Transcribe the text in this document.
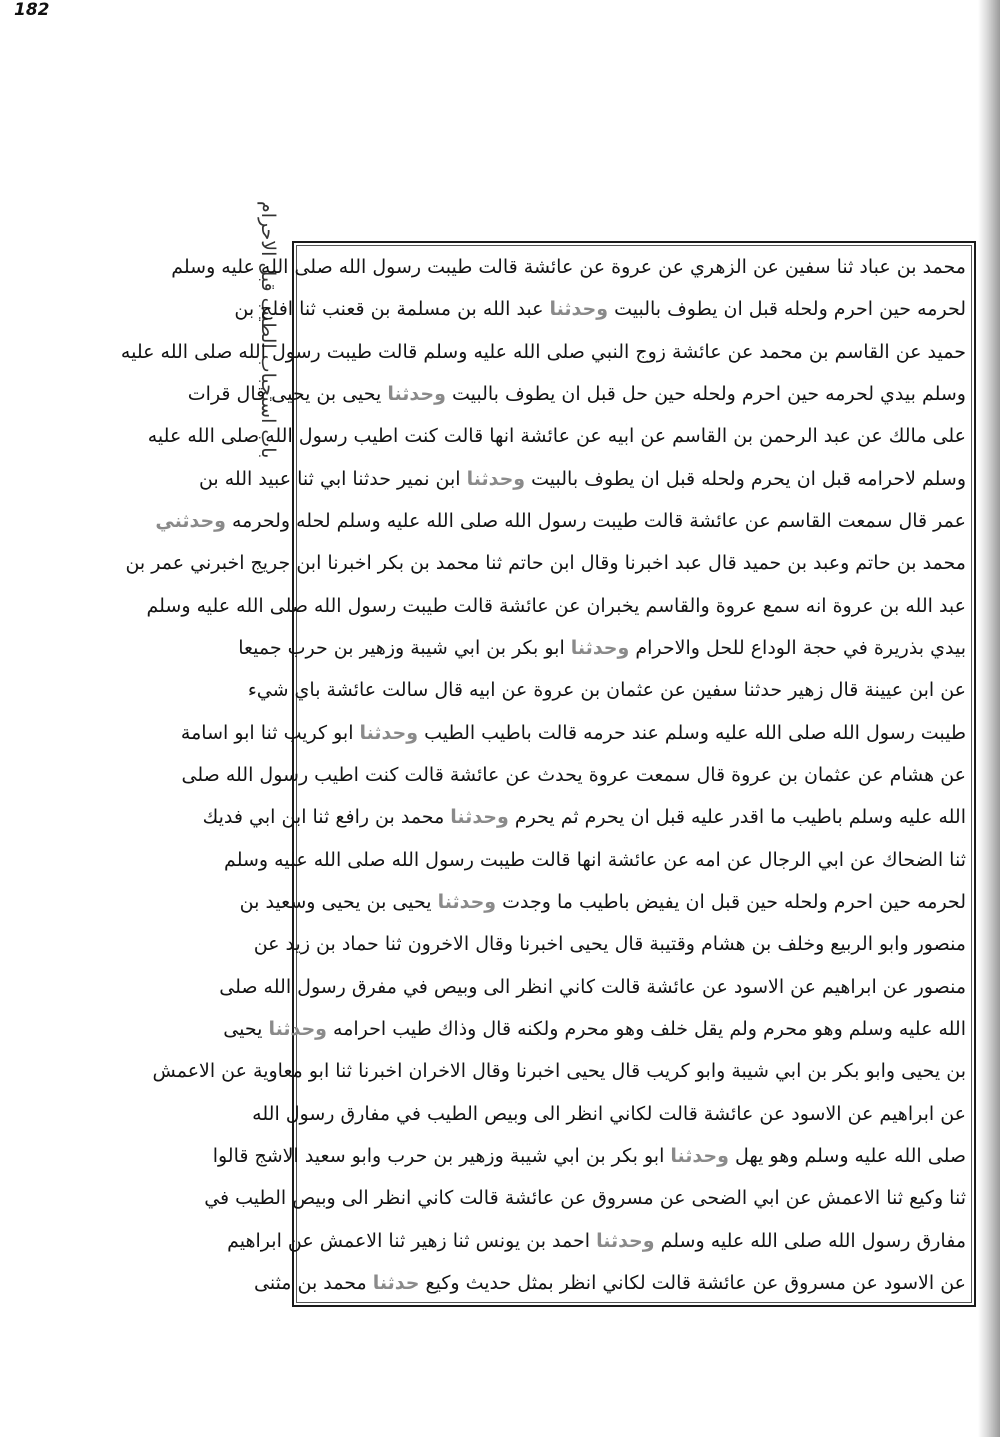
182
باب استحباب الطيب قبل الاحرام
محمد بن عباد ثنا سفين عن الزهري عن عروة عن عائشة قالت طيبت رسول الله صلى الله عليه وسلم
لحرمه حين احرم ولحله قبل ان يطوف بالبيت وحدثنا عبد الله بن مسلمة بن قعنب ثنا افلح بن
حميد عن القاسم بن محمد عن عائشة زوج النبي صلى الله عليه وسلم قالت طيبت رسول الله صلى الله عليه
وسلم بيدي لحرمه حين احرم ولحله حين حل قبل ان يطوف بالبيت وحدثنا يحيى بن يحيى قال قرات
على مالك عن عبد الرحمن بن القاسم عن ابيه عن عائشة انها قالت كنت اطيب رسول الله صلى الله عليه
وسلم لاحرامه قبل ان يحرم ولحله قبل ان يطوف بالبيت وحدثنا ابن نمير حدثنا ابي ثنا عبيد الله بن
عمر قال سمعت القاسم عن عائشة قالت طيبت رسول الله صلى الله عليه وسلم لحله ولحرمه وحدثني
محمد بن حاتم وعبد بن حميد قال عبد اخبرنا وقال ابن حاتم ثنا محمد بن بكر اخبرنا ابن جريج اخبرني عمر بن
عبد الله بن عروة انه سمع عروة والقاسم يخبران عن عائشة قالت طيبت رسول الله صلى الله عليه وسلم
بيدي بذريرة في حجة الوداع للحل والاحرام وحدثنا ابو بكر بن ابي شيبة وزهير بن حرب جميعا
عن ابن عيينة قال زهير حدثنا سفين عن عثمان بن عروة عن ابيه قال سالت عائشة باي شيء
طيبت رسول الله صلى الله عليه وسلم عند حرمه قالت باطيب الطيب وحدثنا ابو كريب ثنا ابو اسامة
عن هشام عن عثمان بن عروة قال سمعت عروة يحدث عن عائشة قالت كنت اطيب رسول الله صلى
الله عليه وسلم باطيب ما اقدر عليه قبل ان يحرم ثم يحرم وحدثنا محمد بن رافع ثنا ابن ابي فديك
ثنا الضحاك عن ابي الرجال عن امه عن عائشة انها قالت طيبت رسول الله صلى الله عليه وسلم
لحرمه حين احرم ولحله حين قبل ان يفيض باطيب ما وجدت وحدثنا يحيى بن يحيى وسعيد بن
منصور وابو الربيع وخلف بن هشام وقتيبة قال يحيى اخبرنا وقال الاخرون ثنا حماد بن زيد عن
منصور عن ابراهيم عن الاسود عن عائشة قالت كاني انظر الى وبيص في مفرق رسول الله صلى
الله عليه وسلم وهو محرم ولم يقل خلف وهو محرم ولكنه قال وذاك طيب احرامه وحدثنا يحيى
بن يحيى وابو بكر بن ابي شيبة وابو كريب قال يحيى اخبرنا وقال الاخران اخبرنا ثنا ابو معاوية عن الاعمش
عن ابراهيم عن الاسود عن عائشة قالت لكاني انظر الى وبيص الطيب في مفارق رسول الله
صلى الله عليه وسلم وهو يهل وحدثنا ابو بكر بن ابي شيبة وزهير بن حرب وابو سعيد الاشج قالوا
ثنا وكيع ثنا الاعمش عن ابي الضحى عن مسروق عن عائشة قالت كاني انظر الى وبيص الطيب في
مفارق رسول الله صلى الله عليه وسلم وحدثنا احمد بن يونس ثنا زهير ثنا الاعمش عن ابراهيم
عن الاسود عن مسروق عن عائشة قالت لكاني انظر بمثل حديث وكيع حدثنا محمد بن مثنى
